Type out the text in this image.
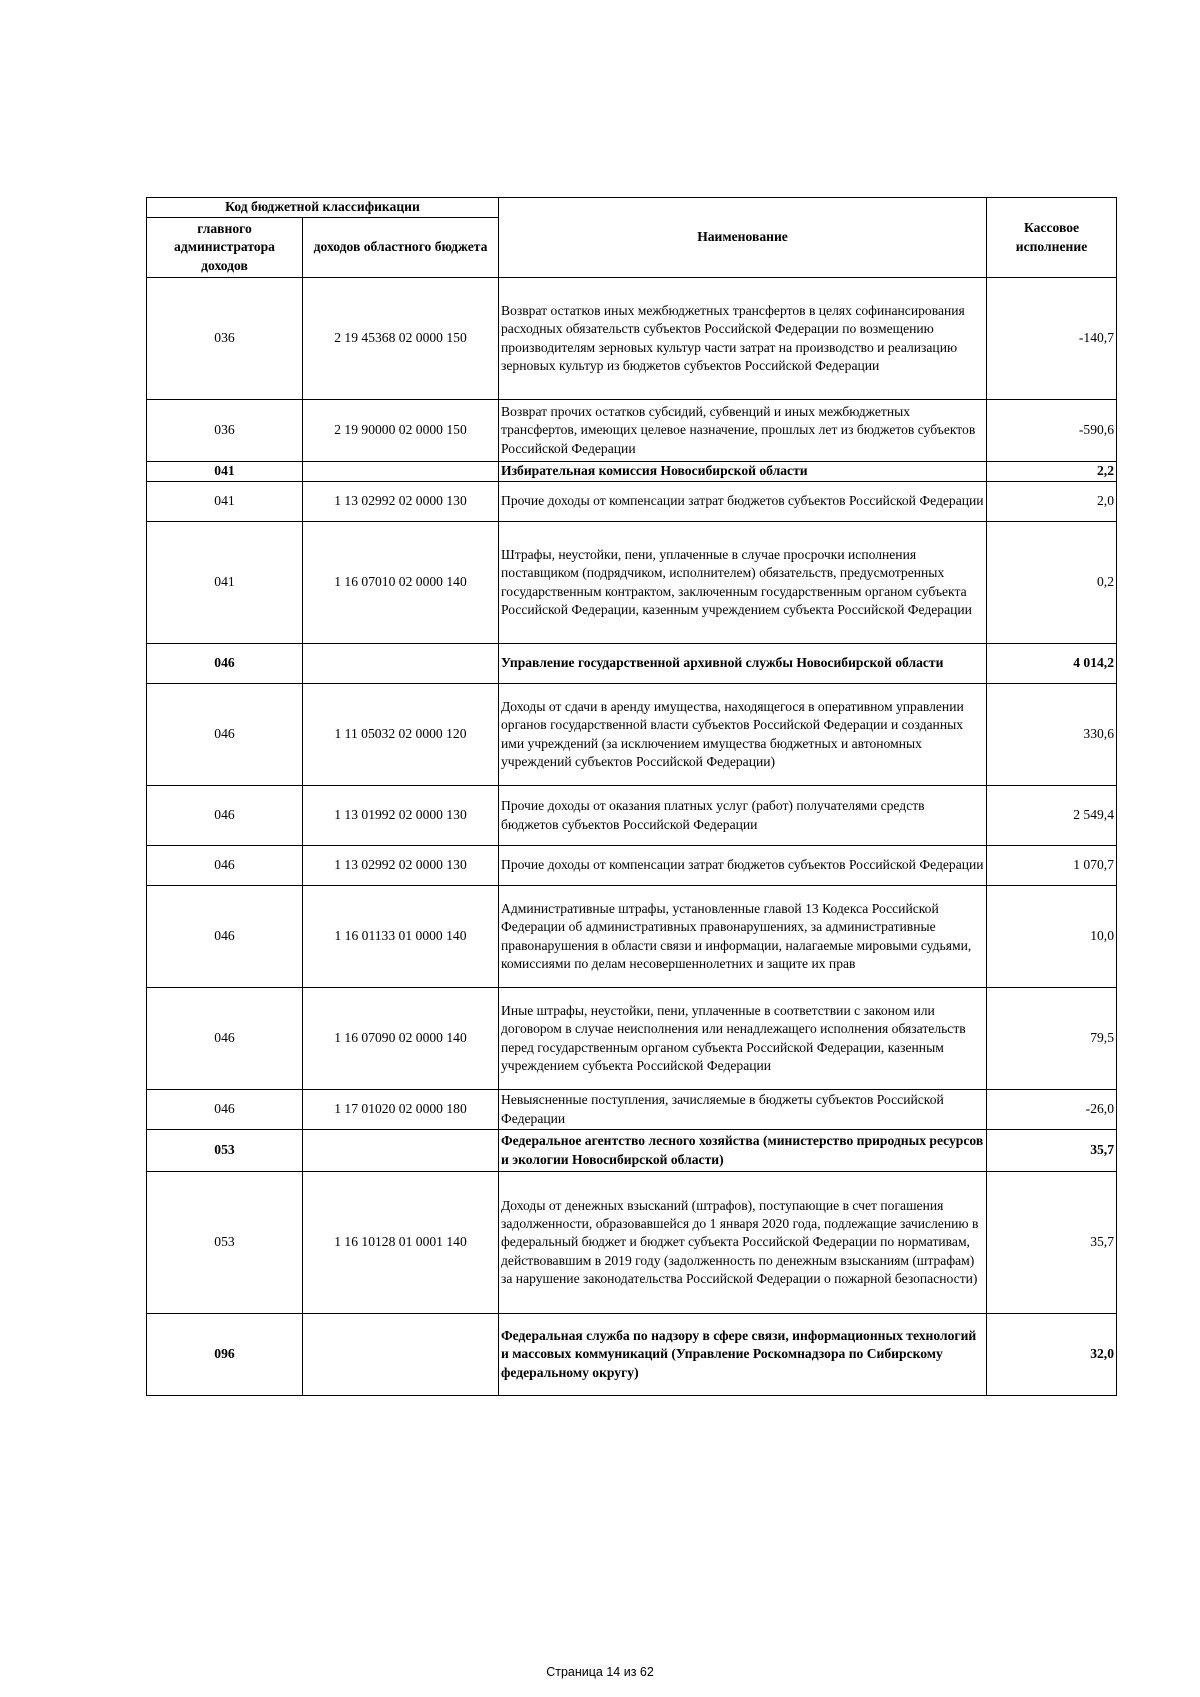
Код бюджетной классификации		Наименование	Кассовое исполнение
главного администратора доходов	доходов областного бюджета		
036	2 19 45368 02 0000 150	Возврат остатков иных межбюджетных трансфертов в целях софинансирования расходных обязательств субъектов Российской Федерации по возмещению производителям зерновых культур части затрат на производство и реализацию зерновых культур из бюджетов субъектов Российской Федерации	-140,7
036	2 19 90000 02 0000 150	Возврат прочих остатков субсидий, субвенций и иных межбюджетных трансфертов, имеющих целевое назначение, прошлых лет из бюджетов субъектов Российской Федерации	-590,6
041		Избирательная комиссия Новосибирской области	2,2
041	1 13 02992 02 0000 130	Прочие доходы от компенсации затрат бюджетов субъектов Российской Федерации	2,0
041	1 16 07010 02 0000 140	Штрафы, неустойки, пени, уплаченные в случае просрочки исполнения поставщиком (подрядчиком, исполнителем) обязательств, предусмотренных государственным контрактом, заключенным государственным органом субъекта Российской Федерации, казенным учреждением субъекта Российской Федерации	0,2
046		Управление государственной архивной службы Новосибирской области	4 014,2
046	1 11 05032 02 0000 120	Доходы от сдачи в аренду имущества, находящегося в оперативном управлении органов государственной власти субъектов Российской Федерации и созданных ими учреждений (за исключением имущества бюджетных и автономных учреждений субъектов Российской Федерации)	330,6
046	1 13 01992 02 0000 130	Прочие доходы от оказания платных услуг (работ) получателями средств бюджетов субъектов Российской Федерации	2 549,4
046	1 13 02992 02 0000 130	Прочие доходы от компенсации затрат бюджетов субъектов Российской Федерации	1 070,7
046	1 16 01133 01 0000 140	Административные штрафы, установленные главой 13 Кодекса Российской Федерации об административных правонарушениях, за административные правонарушения в области связи и информации, налагаемые мировыми судьями, комиссиями по делам несовершеннолетних и защите их прав	10,0
046	1 16 07090 02 0000 140	Иные штрафы, неустойки, пени, уплаченные в соответствии с законом или договором в случае неисполнения или ненадлежащего исполнения обязательств перед государственным органом субъекта Российской Федерации, казенным учреждением субъекта Российской Федерации	79,5
046	1 17 01020 02 0000 180	Невыясненные поступления, зачисляемые в бюджеты субъектов Российской Федерации	-26,0
053		Федеральное агентство лесного хозяйства (министерство природных ресурсов и экологии Новосибирской области)	35,7
053	1 16 10128 01 0001 140	Доходы от денежных взысканий (штрафов), поступающие в счет погашения задолженности, образовавшейся до 1 января 2020 года, подлежащие зачислению в федеральный бюджет и бюджет субъекта Российской Федерации по нормативам, действовавшим в 2019 году (задолженность по денежным взысканиям (штрафам) за нарушение законодательства Российской Федерации о пожарной безопасности)	35,7
096		Федеральная служба по надзору в сфере связи, информационных технологий и массовых коммуникаций (Управление Роскомнадзора по Сибирскому федеральному округу)	32,0
Страница 14 из 62
